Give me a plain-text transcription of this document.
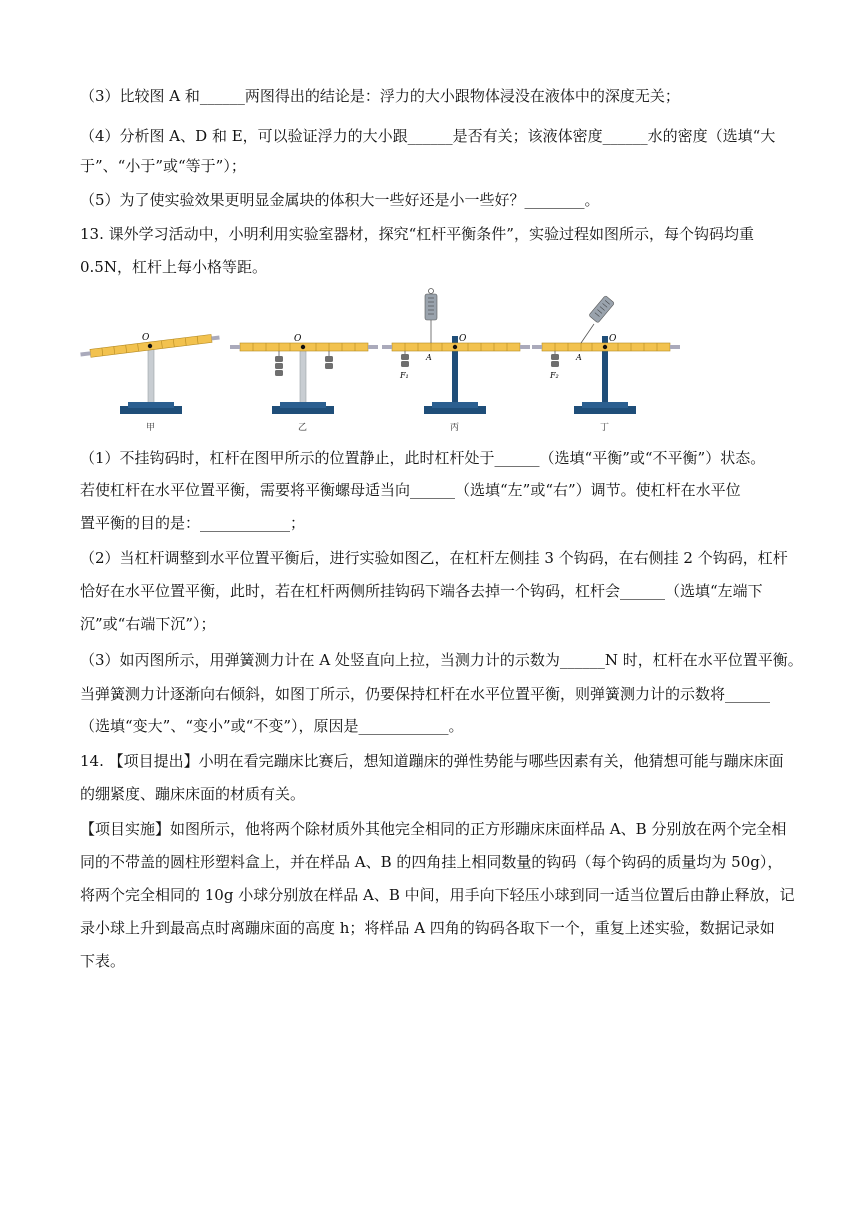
（3）比较图 A 和______两图得出的结论是：浮力的大小跟物体浸没在液体中的深度无关；
（4）分析图 A、D 和 E，可以验证浮力的大小跟______是否有关；该液体密度______水的密度（选填“大
于”、“小于”或“等于”）；
（5）为了使实验效果更明显金属块的体积大一些好还是小一些好？________。
13. 课外学习活动中，小明利用实验室器材，探究“杠杆平衡条件”，实验过程如图所示，每个钩码均重
0.5N，杠杆上每小格等距。
O
甲
O
乙
O
A
F₁
丙
O
A
F₂
丁
（1）不挂钩码时，杠杆在图甲所示的位置静止，此时杠杆处于______（选填“平衡”或“不平衡”）状态。
若使杠杆在水平位置平衡，需要将平衡螺母适当向______（选填“左”或“右”）调节。使杠杆在水平位
置平衡的目的是：____________；
（2）当杠杆调整到水平位置平衡后，进行实验如图乙，在杠杆左侧挂 3 个钩码，在右侧挂 2 个钩码，杠杆
恰好在水平位置平衡，此时，若在杠杆两侧所挂钩码下端各去掉一个钩码，杠杆会______（选填“左端下
沉”或“右端下沉”）；
（3）如丙图所示，用弹簧测力计在 A 处竖直向上拉，当测力计的示数为______N 时，杠杆在水平位置平衡。
当弹簧测力计逐渐向右倾斜，如图丁所示，仍要保持杠杆在水平位置平衡，则弹簧测力计的示数将______
（选填“变大”、“变小”或“不变”），原因是____________。
14. 【项目提出】小明在看完蹦床比赛后，想知道蹦床的弹性势能与哪些因素有关，他猜想可能与蹦床床面
的绷紧度、蹦床床面的材质有关。
【项目实施】如图所示，他将两个除材质外其他完全相同的正方形蹦床床面样品 A、B 分别放在两个完全相
同的不带盖的圆柱形塑料盒上，并在样品 A、B 的四角挂上相同数量的钩码（每个钩码的质量均为 50g），
将两个完全相同的 10g 小球分别放在样品 A、B 中间，用手向下轻压小球到同一适当位置后由静止释放，记
录小球上升到最高点时离蹦床面的高度 h；将样品 A 四角的钩码各取下一个，重复上述实验，数据记录如
下表。
